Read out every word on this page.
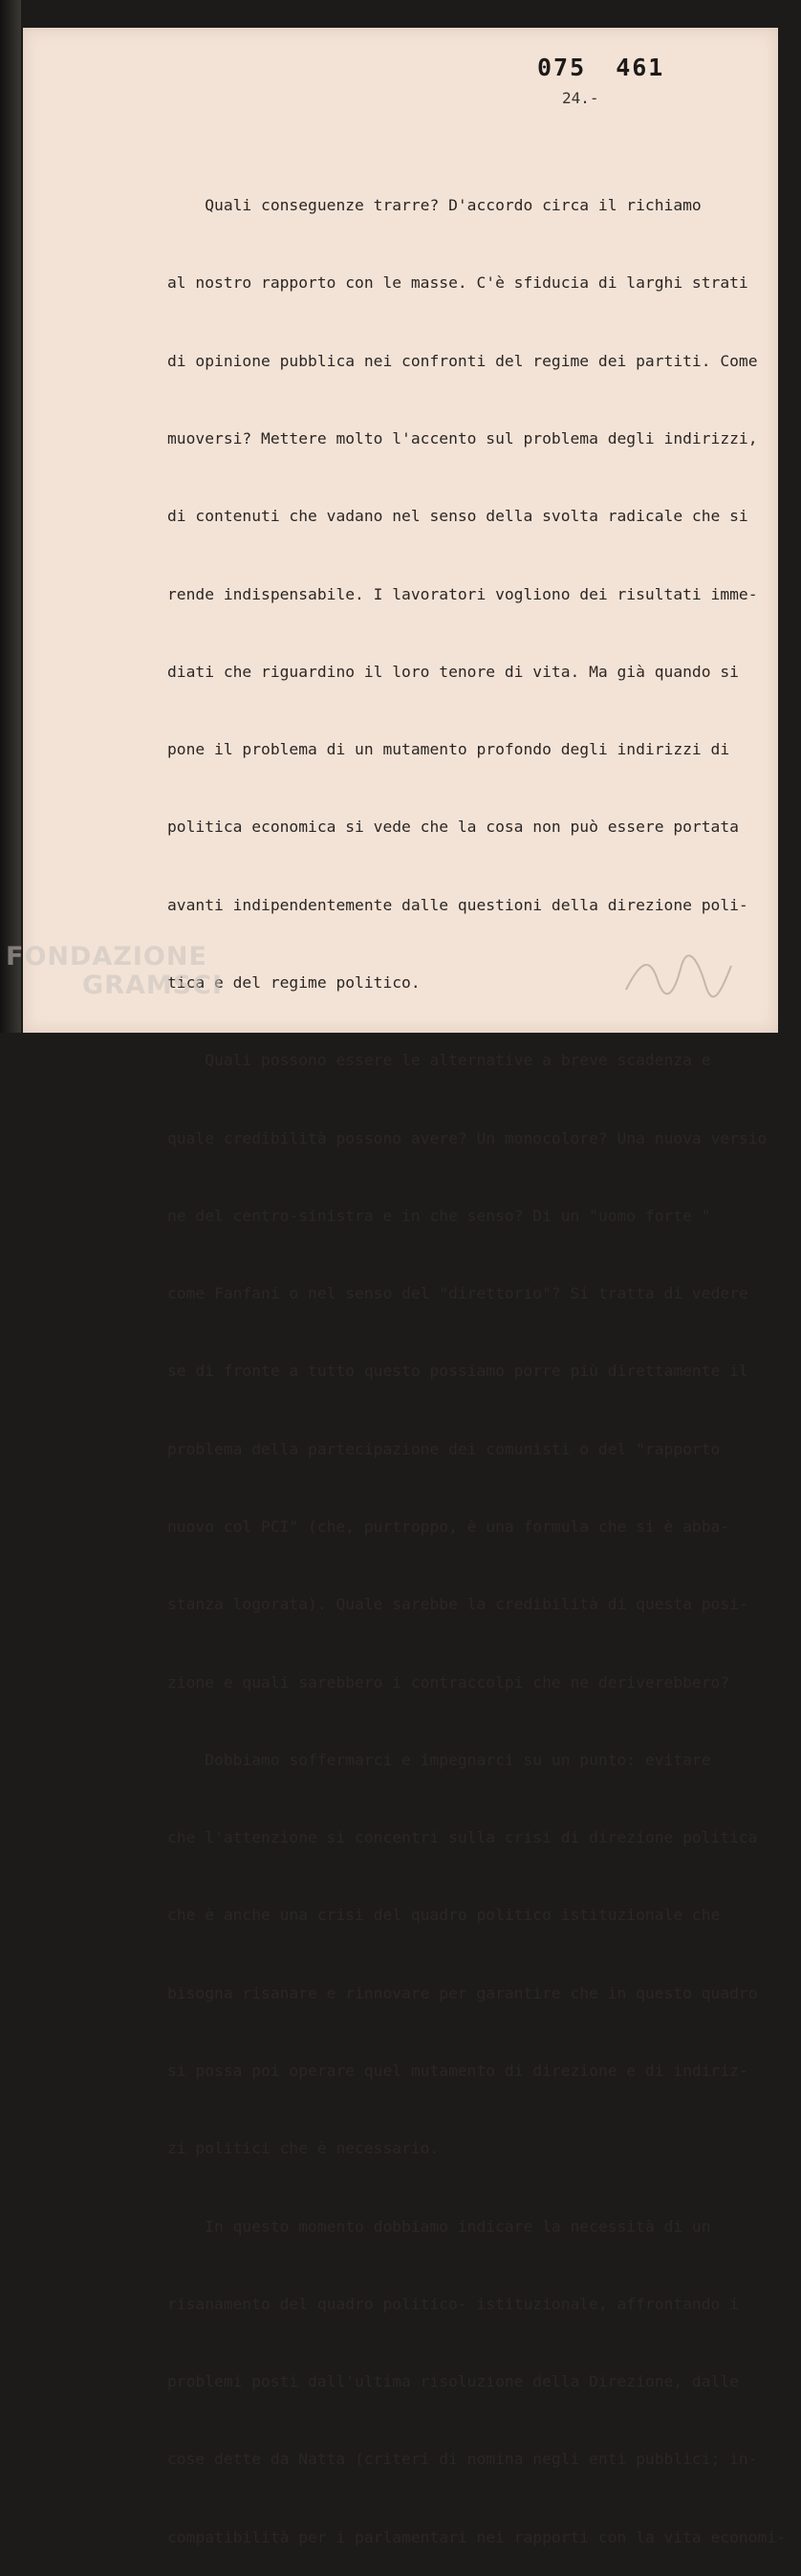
075 461
24.-

Quali conseguenze trarre? D'accordo circa il richiamo

al nostro rapporto con le masse. C'è sfiducia di larghi strati

di opinione pubblica nei confronti del regime dei partiti. Come

muoversi? Mettere molto l'accento sul problema degli indirizzi,

di contenuti che vadano nel senso della svolta radicale che si

rende indispensabile. I lavoratori vogliono dei risultati imme-

diati che riguardino il loro tenore di vita. Ma già quando si

pone il problema di un mutamento profondo degli indirizzi di

politica economica si vede che la cosa non può essere portata

avanti indipendentemente dalle questioni della direzione poli-

tica e del regime politico.

Quali possono essere le alternative a breve scadenza e

quale credibilità possono avere? Un monocolore? Una nuova versio

ne del centro-sinistra e in che senso? Di un "uomo forte "

come Fanfani o nel senso del "direttorio"? Si tratta di vedere

se di fronte a tutto questo possiamo porre più direttamente il

problema della partecipazione dei comunisti o del "rapporto

nuovo col PCI" (che, purtroppo, è una formula che si è abba-

stanza logorata). Quale sarebbe la credibilità di questa posi-

zione e quali sarebbero i contraccolpi che ne deriverebbero?

Dobbiamo soffermarci e impegnarci su un punto: evitare

che l'attenzione si concentri sulla crisi di direzione politica

che è anche una crisi del quadro politico istituzionale che

bisogna risanare e rinnovare per garantire che in questo quadro

si possa poi operare quel mutamento di direzione e di indiriz-

zi politici che è necessario.

In questo momento dobbiamo indicare la necessità di un

risanamento del quadro politico- istituzionale, affrontando i

problemi posti dall'ultima risoluzione della Direzione, dalle

cose dette da Natta (criteri di nomina negli enti pubblici; in-

compatibilità per i parlamentari nei rapporti con la vita economi-

FONDAZIONE
GRAMSCI
